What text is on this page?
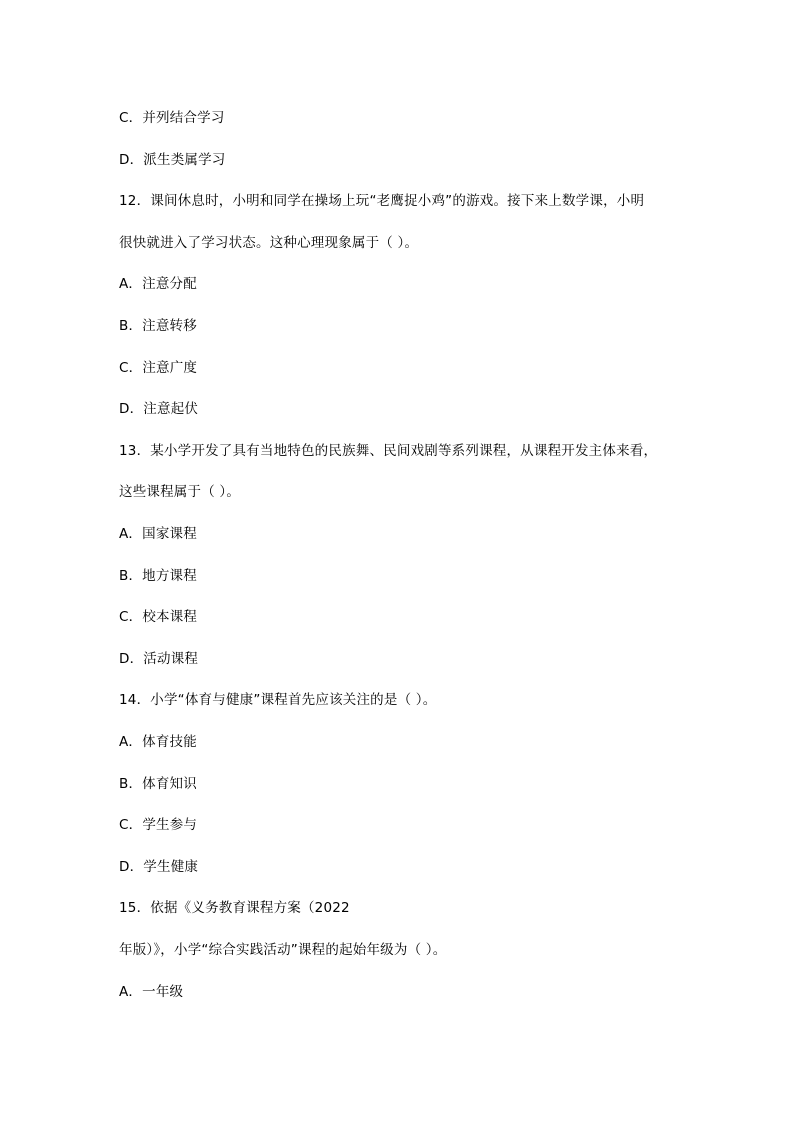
C．并列结合学习
D．派生类属学习
12．课间休息时，小明和同学在操场上玩“老鹰捉小鸡”的游戏。接下来上数学课，小明
很快就进入了学习状态。这种心理现象属于（ ）。
A．注意分配
B．注意转移
C．注意广度
D．注意起伏
13．某小学开发了具有当地特色的民族舞、民间戏剧等系列课程，从课程开发主体来看，
这些课程属于（ ）。
A．国家课程
B．地方课程
C．校本课程
D．活动课程
14．小学“体育与健康”课程首先应该关注的是（ ）。
A．体育技能
B．体育知识
C．学生参与
D．学生健康
15．依据《义务教育课程方案（2022
年版）》，小学“综合实践活动”课程的起始年级为（ ）。
A．一年级
